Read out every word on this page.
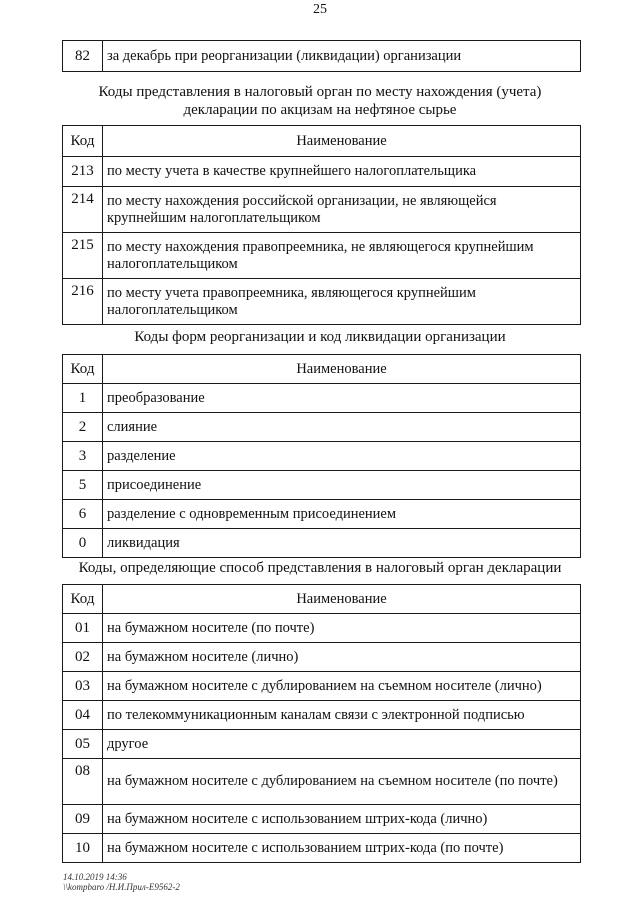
25
82	за декабрь при реорганизации (ликвидации) организации
Коды представления в налоговый орган по месту нахождения (учета)
декларации по акцизам на нефтяное сырье
Код	Наименование
213	по месту учета в качестве крупнейшего налогоплательщика
214	по месту нахождения российской организации, не являющейся крупнейшим налогоплательщиком
215	по месту нахождения правопреемника, не являющегося крупнейшим налогоплательщиком
216	по месту учета правопреемника, являющегося крупнейшим налогоплательщиком
Коды форм реорганизации и код ликвидации организации
Код	Наименование
1	преобразование
2	слияние
3	разделение
5	присоединение
6	разделение с одновременным присоединением
0	ликвидация
Коды, определяющие способ представления в налоговый орган декларации
Код	Наименование
01	на бумажном носителе (по почте)
02	на бумажном носителе (лично)
03	на бумажном носителе с дублированием на съемном носителе (лично)
04	по телекоммуникационным каналам связи с электронной подписью
05	другое
08	на бумажном носителе с дублированием на съемном носителе (по почте)
09	на бумажном носителе с использованием штрих-кода (лично)
10	на бумажном носителе с использованием штрих-кода (по почте)
14.10.2019 14:36
\\kompbaro /Н.И.Прил-Е9562-2
